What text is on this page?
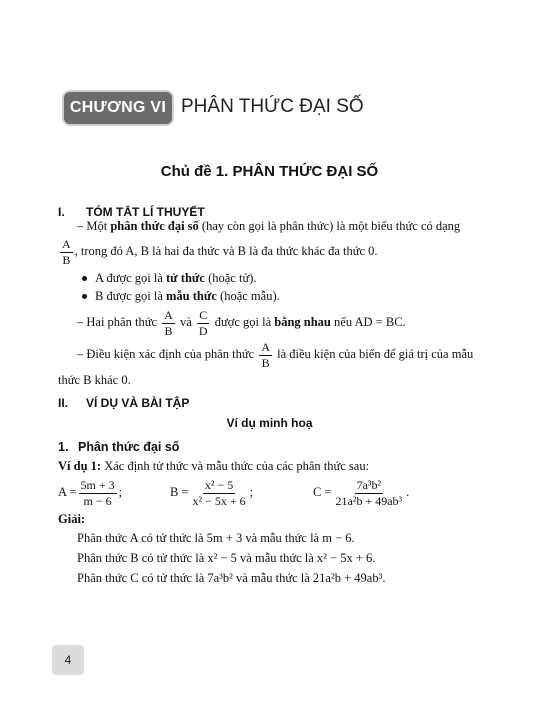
CHƯƠNG VI PHÂN THỨC ĐẠI SỐ
Chủ đề 1. PHÂN THỨC ĐẠI SỐ
I. TÓM TẮT LÍ THUYẾT
– Một phân thức đại số (hay còn gọi là phân thức) là một biểu thức có dạng
$\frac{A}{B}$ , trong đó A, B là hai đa thức và B là đa thức khác đa thức 0.
A được gọi là tử thức (hoặc tử).
B được gọi là mẫu thức (hoặc mẫu).
– Hai phân thức $\frac{A}{B}$ và $\frac{C}{D}$ được gọi là bằng nhau nếu AD = BC.
– Điều kiện xác định của phân thức $\frac{A}{B}$ là điều kiện của biến để giá trị của mẫu
thức B khác 0.
II. VÍ DỤ VÀ BÀI TẬP
Ví dụ minh hoạ
1. Phân thức đại số
Ví dụ 1: Xác định tử thức và mẫu thức của các phân thức sau:
$A = \frac{5m + 3}{m - 6}$ ;	$B = \frac{\text{x² − 5}}{\text{x² − 5x + 6}}$ ;	$C = \frac{\text{7a³b²}}{\text{21a²b + 49ab³}}$ .
Giải:
Phân thức A có tử thức là 5m + 3 và mẫu thức là m − 6.
Phân thức B có tử thức là x² − 5 và mẫu thức là x² − 5x + 6.
Phân thức C có tử thức là 7a³b² và mẫu thức là 21a²b + 49ab³.
4
